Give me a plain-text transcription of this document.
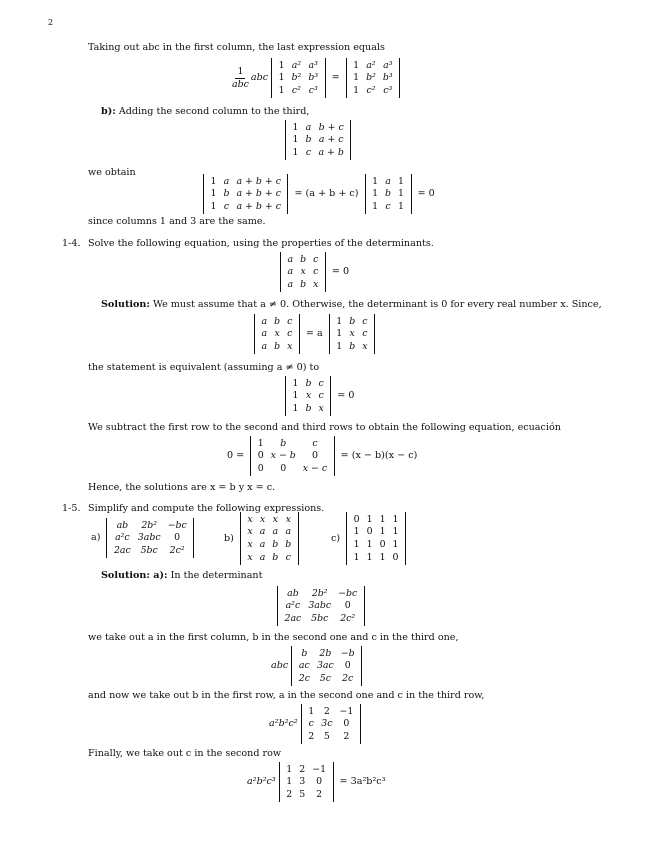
2
Taking out abc in the first column, the last expression equals
$\frac{1}{\text{abc}}$ abc
1	a²	a³
1	b²	b³
1	c²	c³
=
1	a²	a³
1	b²	b³
1	c²	c³
b): Adding the second column to the third,
1	a	b + c
1	b	a + c
1	c	a + b
we obtain
1	a	a + b + c
1	b	a + b + c
1	c	a + b + c
= (a + b + c)
1	a	1
1	b	1
1	c	1
= 0
since columns 1 and 3 are the same.
1-4. Solve the following equation, using the properties of the determinants.
a	b	c
a	x	c
a	b	x
= 0
Solution: We must assume that a ≠ 0. Otherwise, the determinant is 0 for every real number x. Since,
a	b	c
a	x	c
a	b	x
= a
1	b	c
1	x	c
1	b	x
the statement is equivalent (assuming a ≠ 0) to
1	b	c
1	x	c
1	b	x
= 0
We subtract the first row to the second and third rows to obtain the following equation, ecuación
0 =
1	b	c
0	x − b	0
0	0	x − c
= (x − b)(x − c)
Hence, the solutions are x = b y x = c.
1-5. Simplify and compute the following expressions.
a)
ab	2b²	−bc
a²c	3abc	0
2ac	5bc	2c²
b)
x	x	x	x
x	a	a	a
x	a	b	b
x	a	b	c
c)
0	1	1	1
1	0	1	1
1	1	0	1
1	1	1	0
Solution: a): In the determinant
ab	2b²	−bc
a²c	3abc	0
2ac	5bc	2c²
we take out a in the first column, b in the second one and c in the third one,
abc
b	2b	−b
ac	3ac	0
2c	5c	2c
and now we take out b in the first row, a in the second one and c in the third row,
a²b²c²
1	2	−1
c	3c	0
2	5	2
Finally, we take out c in the second row
a²b²c³
1	2	−1
1	3	0
2	5	2
= 3a²b²c³
